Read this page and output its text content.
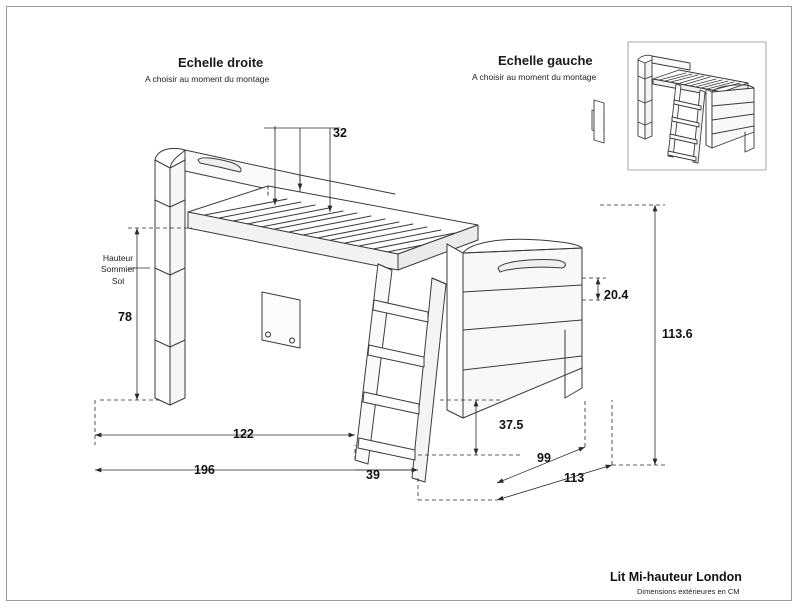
Echelle droite
A choisir au moment du montage
Echelle gauche
A choisir au moment du montage
Hauteur
Sommier
Sol
32
78
122
196	39
37.5
20.4
113.6
99
113
Lit Mi-hauteur London
Dimensions extérieures en CM
